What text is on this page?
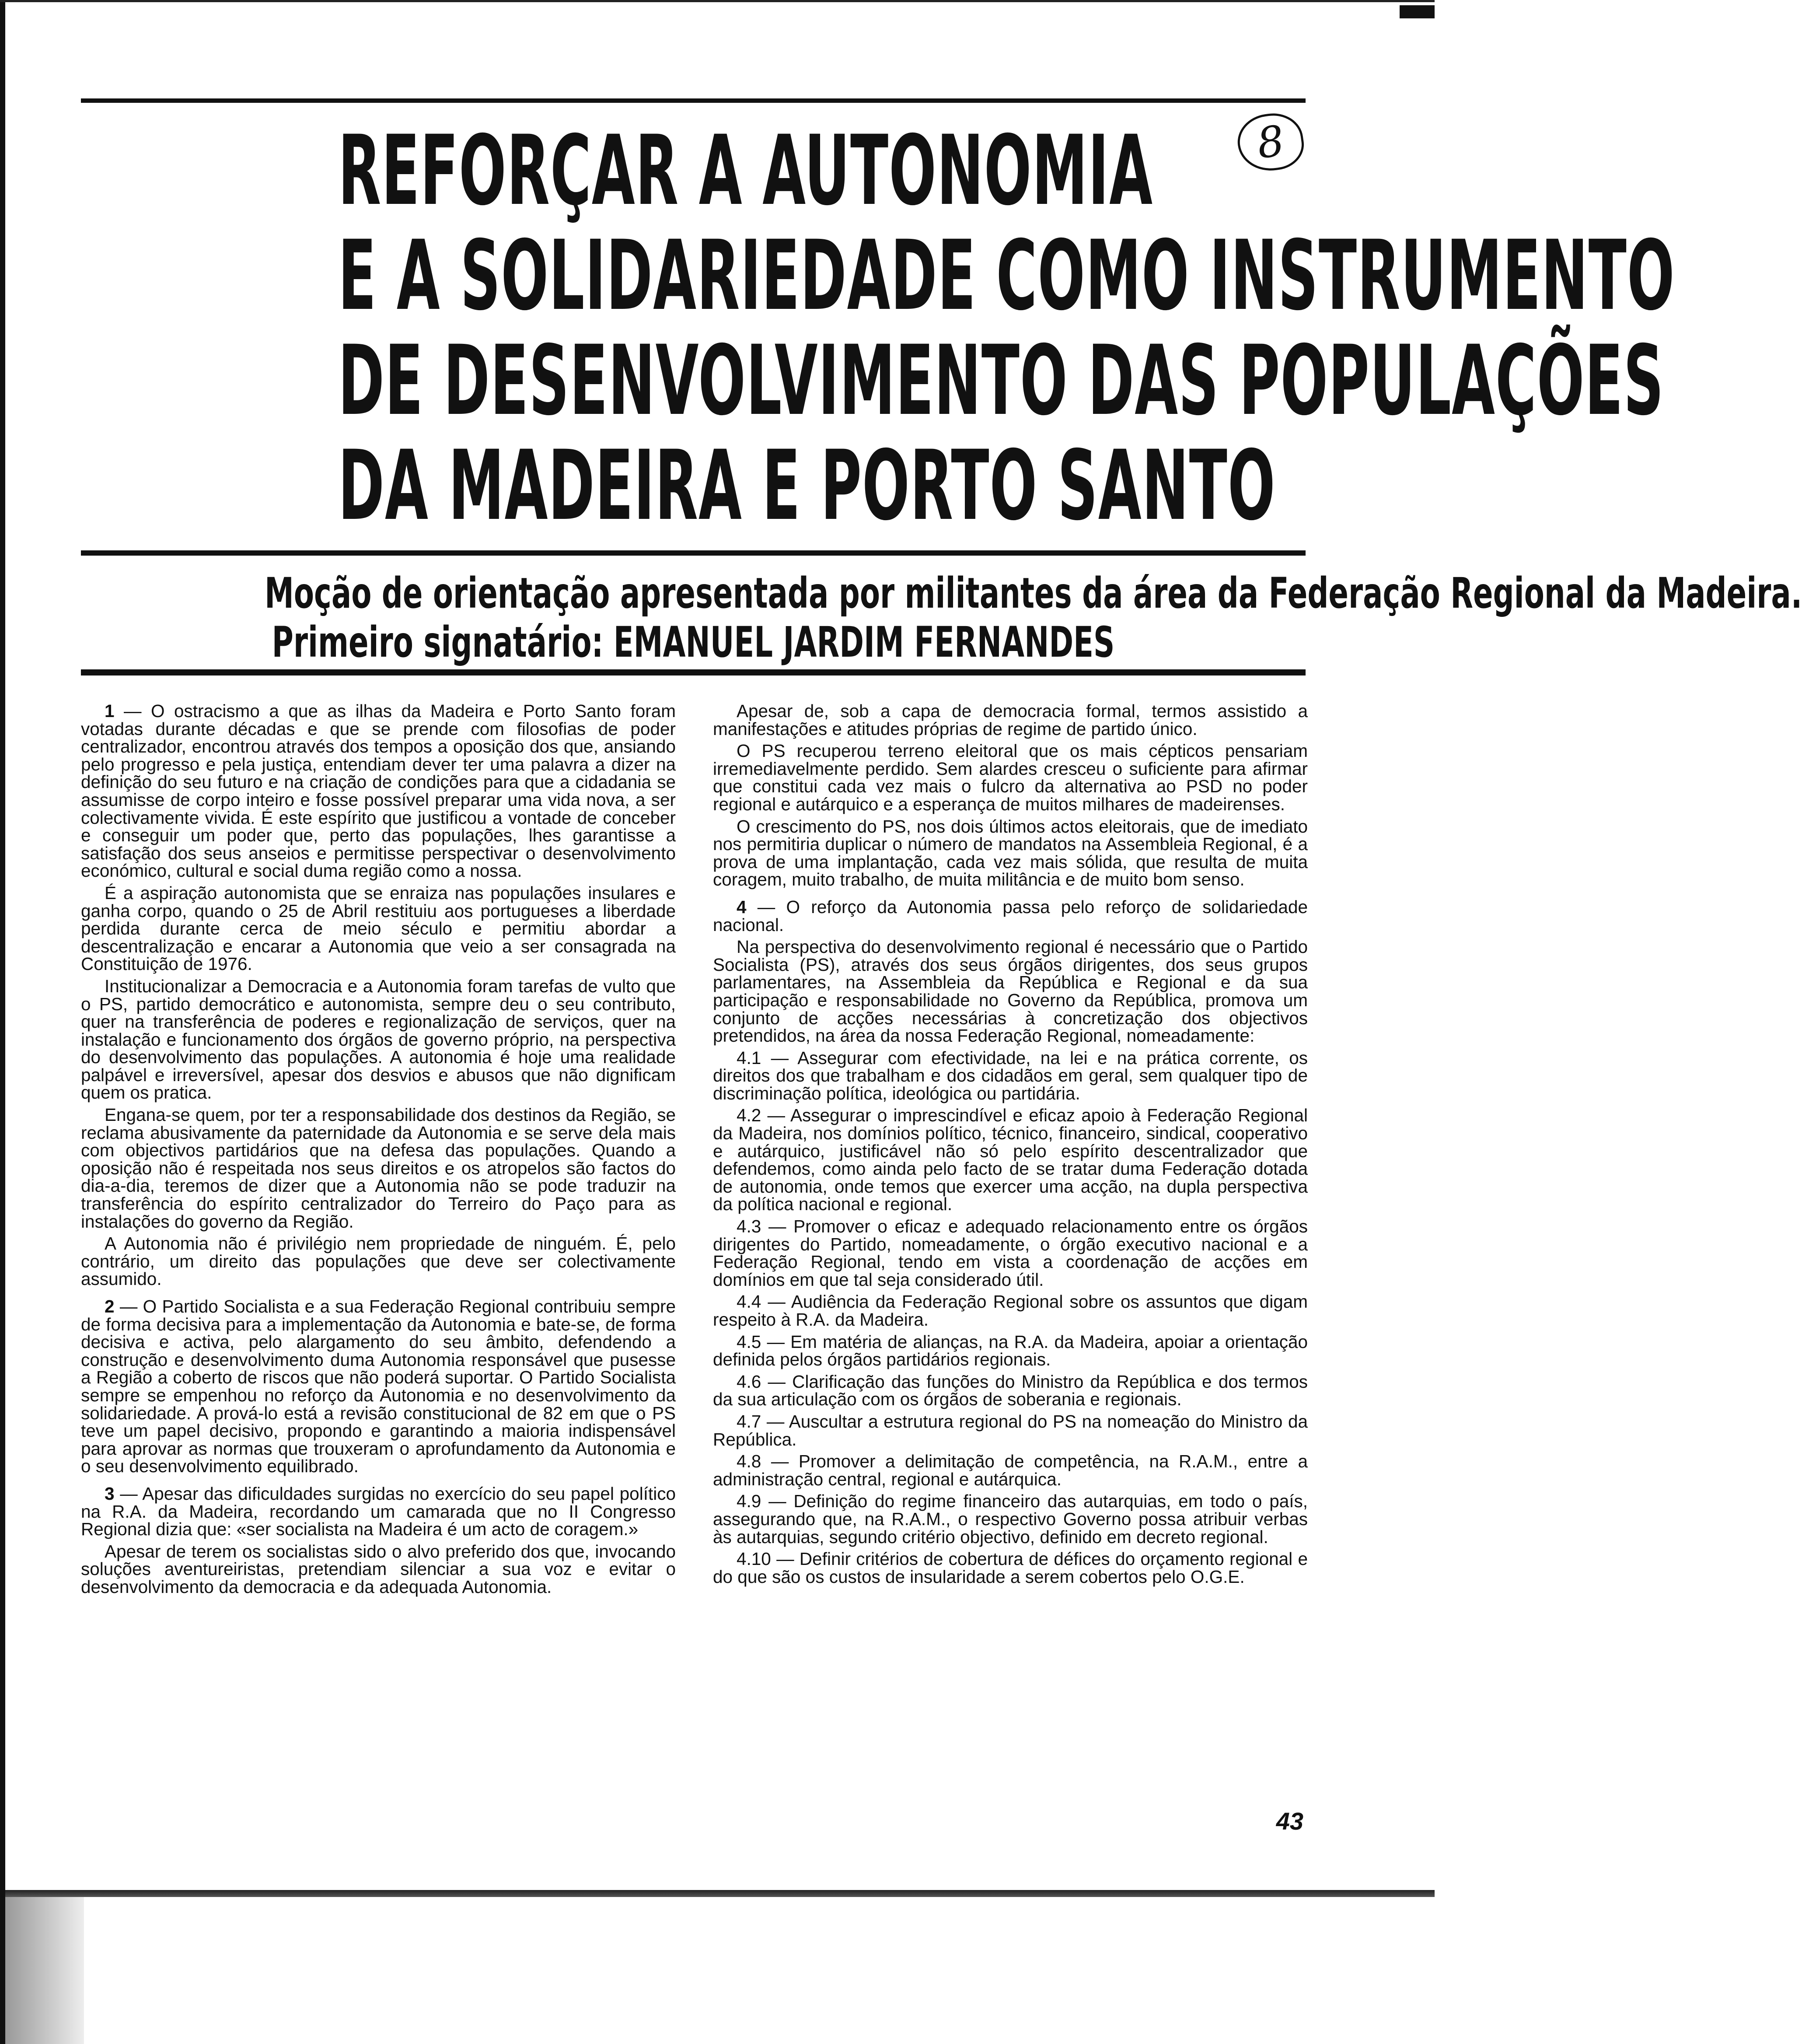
8
REFORÇAR A AUTONOMIA
E A SOLIDARIEDADE COMO INSTRUMENTO
DE DESENVOLVIMENTO DAS POPULAÇÕES
DA MADEIRA E PORTO SANTO
Moção de orientação apresentada por militantes da área da Federação Regional da Madeira.
Primeiro signatário: EMANUEL JARDIM FERNANDES

1 — O ostracismo a que as ilhas da Madeira e Porto Santo foram votadas durante décadas e que se prende com filosofias de poder centralizador, encontrou através dos tempos a oposição dos que, ansiando pelo progresso e pela justiça, entendiam dever ter uma palavra a dizer na definição do seu futuro e na criação de condições para que a cidadania se assumisse de corpo inteiro e fosse possível preparar uma vida nova, a ser colectivamente vivida. É este espírito que justificou a vontade de conceber e conseguir um poder que, perto das populações, lhes garantisse a satisfação dos seus anseios e permitisse perspectivar o desenvolvimento económico, cultural e social duma região como a nossa.

É a aspiração autonomista que se enraiza nas populações insulares e ganha corpo, quando o 25 de Abril restituiu aos portugueses a liberdade perdida durante cerca de meio século e permitiu abordar a descentralização e encarar a Autonomia que veio a ser consagrada na Constituição de 1976.

Institucionalizar a Democracia e a Autonomia foram tarefas de vulto que o PS, partido democrático e autonomista, sempre deu o seu contributo, quer na transferência de poderes e regionalização de serviços, quer na instalação e funcionamento dos órgãos de governo próprio, na perspectiva do desenvolvimento das populações. A autonomia é hoje uma realidade palpável e irreversível, apesar dos desvios e abusos que não dignificam quem os pratica.

Engana-se quem, por ter a responsabilidade dos destinos da Região, se reclama abusivamente da paternidade da Autonomia e se serve dela mais com objectivos partidários que na defesa das populações. Quando a oposição não é respeitada nos seus direitos e os atropelos são factos do dia-a-dia, teremos de dizer que a Autonomia não se pode traduzir na transferência do espírito centralizador do Terreiro do Paço para as instalações do governo da Região.

A Autonomia não é privilégio nem propriedade de ninguém. É, pelo contrário, um direito das populações que deve ser colectivamente assumido.

2 — O Partido Socialista e a sua Federação Regional contribuiu sempre de forma decisiva para a implementação da Autonomia e bate-se, de forma decisiva e activa, pelo alargamento do seu âmbito, defendendo a construção e desenvolvimento duma Autonomia responsável que pusesse a Região a coberto de riscos que não poderá suportar. O Partido Socialista sempre se empenhou no reforço da Autonomia e no desenvolvimento da solidariedade. A prová-lo está a revisão constitucional de 82 em que o PS teve um papel decisivo, propondo e garantindo a maioria indispensável para aprovar as normas que trouxeram o aprofundamento da Autonomia e o seu desenvolvimento equilibrado.

3 — Apesar das dificuldades surgidas no exercício do seu papel político na R.A. da Madeira, recordando um camarada que no II Congresso Regional dizia que: «ser socialista na Madeira é um acto de coragem.»

Apesar de terem os socialistas sido o alvo preferido dos que, invocando soluções aventureiristas, pretendiam silenciar a sua voz e evitar o desenvolvimento da democracia e da adequada Autonomia.

Apesar de, sob a capa de democracia formal, termos assistido a manifestações e atitudes próprias de regime de partido único.

O PS recuperou terreno eleitoral que os mais cépticos pensariam irremediavelmente perdido. Sem alardes cresceu o suficiente para afirmar que constitui cada vez mais o fulcro da alternativa ao PSD no poder regional e autárquico e a esperança de muitos milhares de madeirenses.

O crescimento do PS, nos dois últimos actos eleitorais, que de imediato nos permitiria duplicar o número de mandatos na Assembleia Regional, é a prova de uma implantação, cada vez mais sólida, que resulta de muita coragem, muito trabalho, de muita militância e de muito bom senso.

4 — O reforço da Autonomia passa pelo reforço de solidariedade nacional.

Na perspectiva do desenvolvimento regional é necessário que o Partido Socialista (PS), através dos seus órgãos dirigentes, dos seus grupos parlamentares, na Assembleia da República e Regional e da sua participação e responsabilidade no Governo da República, promova um conjunto de acções necessárias à concretização dos objectivos pretendidos, na área da nossa Federação Regional, nomeadamente:

4.1 — Assegurar com efectividade, na lei e na prática corrente, os direitos dos que trabalham e dos cidadãos em geral, sem qualquer tipo de discriminação política, ideológica ou partidária.

4.2 — Assegurar o imprescindível e eficaz apoio à Federação Regional da Madeira, nos domínios político, técnico, financeiro, sindical, cooperativo e autárquico, justificável não só pelo espírito descentralizador que defendemos, como ainda pelo facto de se tratar duma Federação dotada de autonomia, onde temos que exercer uma acção, na dupla perspectiva da política nacional e regional.

4.3 — Promover o eficaz e adequado relacionamento entre os órgãos dirigentes do Partido, nomeadamente, o órgão executivo nacional e a Federação Regional, tendo em vista a coordenação de acções em domínios em que tal seja considerado útil.

4.4 — Audiência da Federação Regional sobre os assuntos que digam respeito à R.A. da Madeira.

4.5 — Em matéria de alianças, na R.A. da Madeira, apoiar a orientação definida pelos órgãos partidários regionais.

4.6 — Clarificação das funções do Ministro da República e dos termos da sua articulação com os órgãos de soberania e regionais.

4.7 — Auscultar a estrutura regional do PS na nomeação do Ministro da República.

4.8 — Promover a delimitação de competência, na R.A.M., entre a administração central, regional e autárquica.

4.9 — Definição do regime financeiro das autarquias, em todo o país, assegurando que, na R.A.M., o respectivo Governo possa atribuir verbas às autarquias, segundo critério objectivo, definido em decreto regional.

4.10 — Definir critérios de cobertura de défices do orçamento regional e do que são os custos de insularidade a serem cobertos pelo O.G.E.

43
